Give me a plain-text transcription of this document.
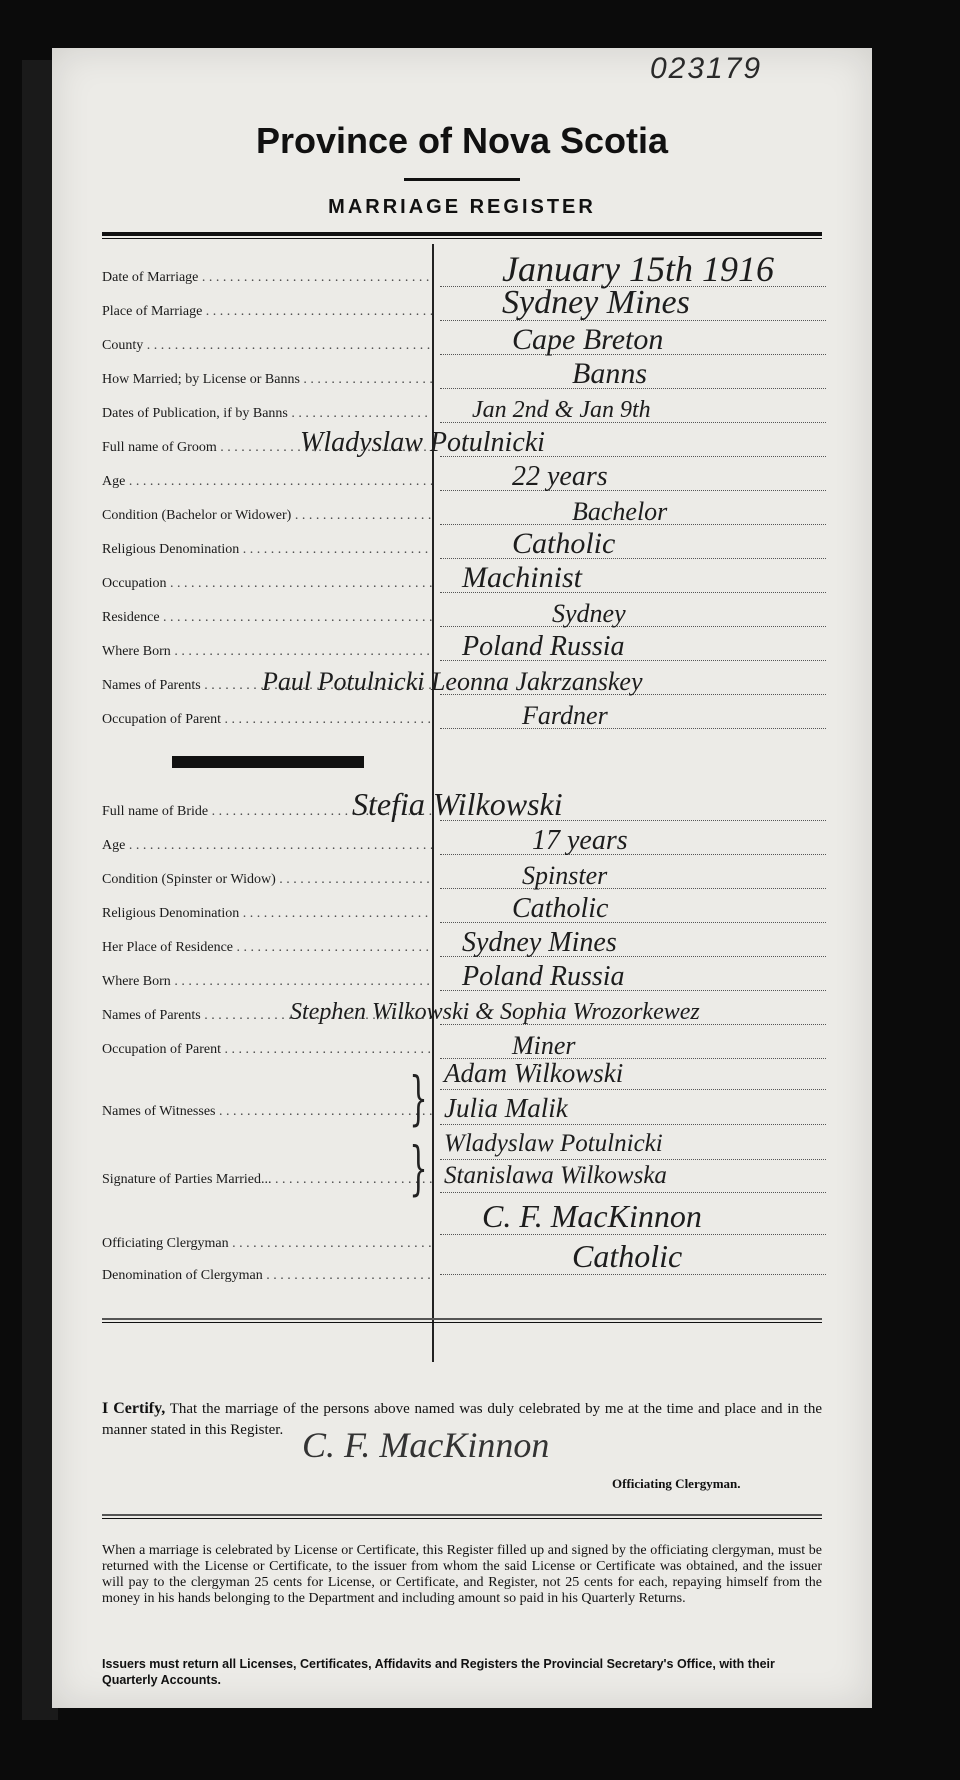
023179
Province of Nova Scotia
MARRIAGE REGISTER
Date of Marriage . . .	January 15th 1916
Place of Marriage . . .	Sydney Mines
County . . .	Cape Breton
How Married; by License or Banns . . .	Banns
Dates of Publication, if by Banns . . .	Jan 2nd & Jan 9th
Full name of Groom . . .	Wladyslaw Potulnicki
Age . . .	22 years
Condition (Bachelor or Widower) . . .	Bachelor
Religious Denomination . . .	Catholic
Occupation . . .	Machinist
Residence . . .	Sydney
Where Born . . .	Poland Russia
Names of Parents . . .	Paul Potulnicki Leonna Jakrzanskey
Occupation of Parent . . .	Fardner
Full name of Bride . . .	Stefia Wilkowski
Age . . .	17 years
Condition (Spinster or Widow) . . .	Spinster
Religious Denomination . . .	Catholic
Her Place of Residence . . .	Sydney Mines
Where Born . . .	Poland Russia
Names of Parents . . .	Stephen Wilkowski & Sophia Wrozorkewez
Occupation of Parent . . .	Miner
Names of Witnesses . . .	} Adam Wilkowski
Julia Malik
Signature of Parties Married... . . .	} Wladyslaw Potulnicki
Stanislawa Wilkowska
Officiating Clergyman . . .
C. F. MacKinnon
Denomination of Clergyman . . .
Catholic
I Certify, That the marriage of the persons above named was duly celebrated by me at the time and place and in the manner stated in this Register. C. F. MacKinnon
Officiating Clergyman.
When a marriage is celebrated by License or Certificate, this Register filled up and signed by the officiating clergyman, must be returned with the License or Certificate, to the issuer from whom the said License or Certificate was obtained, and the issuer will pay to the clergyman 25 cents for License, or Certificate, and Register, not 25 cents for each, repaying himself from the money in his hands belonging to the Department and including amount so paid in his Quarterly Returns.
Issuers must return all Licenses, Certificates, Affidavits and Registers the Provincial Secretary's Office, with their Quarterly Accounts.
